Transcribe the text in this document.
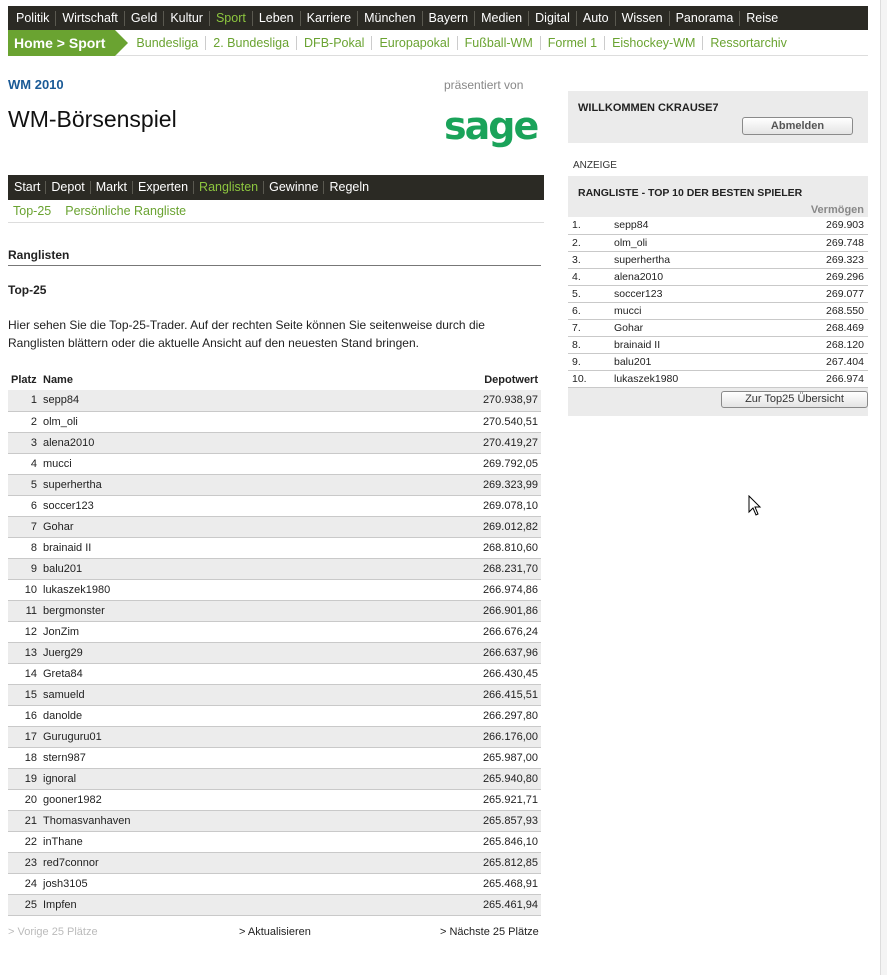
Politik	Wirtschaft	Geld	Kultur	Sport	Leben	Karriere	München	Bayern	Medien	Digital	Auto	Wissen	Panorama	Reise
Home > Sport	Bundesliga	2. Bundesliga	DFB-Pokal	Europapokal	Fußball-WM	Formel 1	Eishockey-WM	Ressortarchiv
WM 2010
WM-Börsenspiel
präsentiert von
sage
Start Depot Markt Experten Ranglisten Gewinne Regeln
Top-25	Persönliche Rangliste
Ranglisten
Top-25

Hier sehen Sie die Top-25-Trader. Auf der rechten Seite können Sie seitenweise durch die Ranglisten blättern oder die aktuelle Ansicht auf den neuesten Stand bringen.

Platz	Name	Depotwert
1	sepp84	270.938,97
2	olm_oli	270.540,51
3	alena2010	270.419,27
4	mucci	269.792,05
5	superhertha	269.323,99
6	soccer123	269.078,10
7	Gohar	269.012,82
8	brainaid II	268.810,60
9	balu201	268.231,70
10	lukaszek1980	266.974,86
11	bergmonster	266.901,86
12	JonZim	266.676,24
13	Juerg29	266.637,96
14	Greta84	266.430,45
15	samueld	266.415,51
16	danolde	266.297,80
17	Guruguru01	266.176,00
18	stern987	265.987,00
19	ignoral	265.940,80
20	gooner1982	265.921,71
21	Thomasvanhaven	265.857,93
22	inThane	265.846,10
23	red7connor	265.812,85
24	josh3105	265.468,91
25	Impfen	265.461,94
> Vorige 25 Plätze	> Aktualisieren	> Nächste 25 Plätze
WILLKOMMEN CKRAUSE7
Abmelden
ANZEIGE
RANGLISTE - TOP 10 DER BESTEN SPIELER
Vermögen
1.	sepp84	269.903
2.	olm_oli	269.748
3.	superhertha	269.323
4.	alena2010	269.296
5.	soccer123	269.077
6.	mucci	268.550
7.	Gohar	268.469
8.	brainaid II	268.120
9.	balu201	267.404
10.	lukaszek1980	266.974
Zur Top25 Übersicht
